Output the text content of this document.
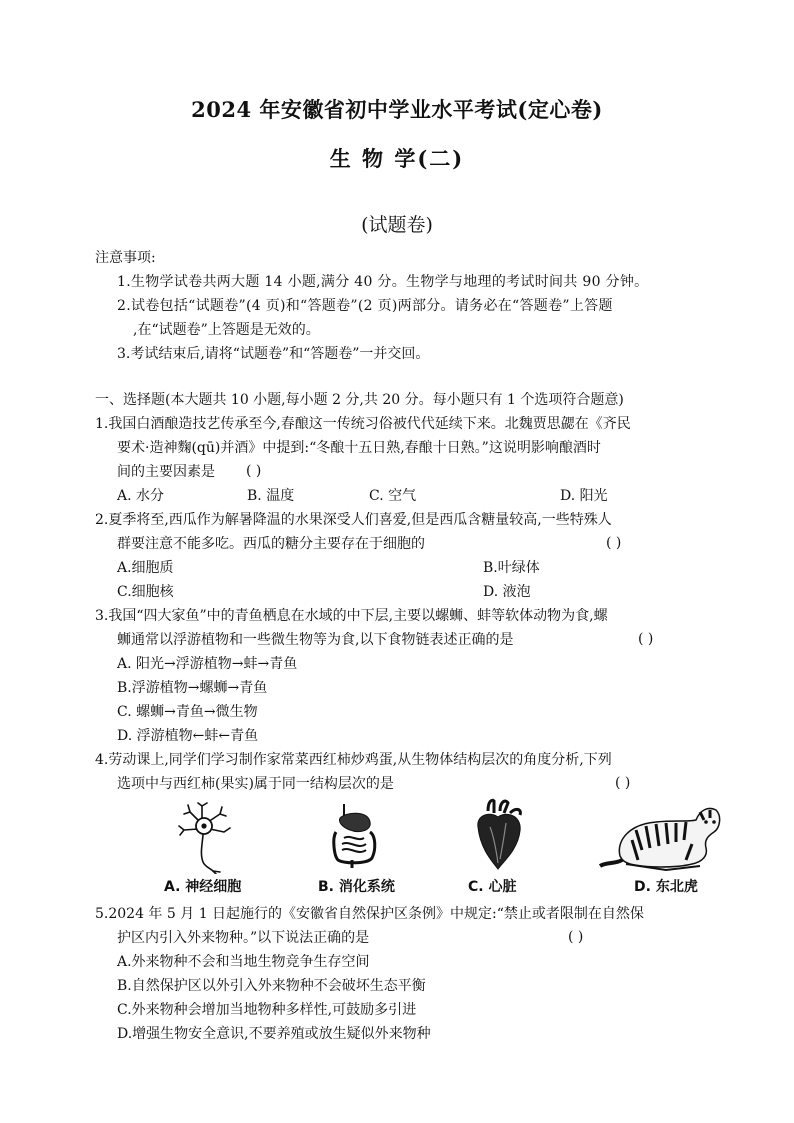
2024 年安徽省初中学业水平考试(定心卷)
生 物 学(二)
(试题卷)
注意事项:
1.生物学试卷共两大题 14 小题,满分 40 分。生物学与地理的考试时间共 90 分钟。
2.试卷包括“试题卷”(4 页)和“答题卷”(2 页)两部分。请务必在“答题卷”上答题
,在“试题卷”上答题是无效的。
3.考试结束后,请将“试题卷”和“答题卷”一并交回。
一、选择题(本大题共 10 小题,每小题 2 分,共 20 分。每小题只有 1 个选项符合题意)
1.我国白酒酿造技艺传承至今,春酿这一传统习俗被代代延续下来。北魏贾思勰在《齐民
要术·造神麴(qū)并酒》中提到:“冬酿十五日熟,春酿十日熟。”这说明影响酿酒时
间的主要因素是 ( )
A. 水分	B. 温度	C. 空气	D. 阳光
2.夏季将至,西瓜作为解暑降温的水果深受人们喜爱,但是西瓜含糖量较高,一些特殊人
群要注意不能多吃。西瓜的糖分主要存在于细胞的	( )
A.细胞质	B.叶绿体
C.细胞核	D. 液泡
3.我国“四大家鱼”中的青鱼栖息在水域的中下层,主要以螺蛳、蚌等软体动物为食,螺
蛳通常以浮游植物和一些微生物等为食,以下食物链表述正确的是	( )
A. 阳光→浮游植物→蚌→青鱼
B.浮游植物→螺蛳→青鱼
C. 螺蛳→青鱼→微生物
D. 浮游植物←蚌←青鱼
4.劳动课上,同学们学习制作家常菜西红柿炒鸡蛋,从生物体结构层次的角度分析,下列
选项中与西红柿(果实)属于同一结构层次的是	( )
A. 神经细胞	B. 消化系统	C. 心脏	D. 东北虎
5.2024 年 5 月 1 日起施行的《安徽省自然保护区条例》中规定:“禁止或者限制在自然保
护区内引入外来物种。”以下说法正确的是	( )
A.外来物种不会和当地生物竞争生存空间
B.自然保护区以外引入外来物种不会破坏生态平衡
C.外来物种会增加当地物种多样性,可鼓励多引进
D.增强生物安全意识,不要养殖或放生疑似外来物种
